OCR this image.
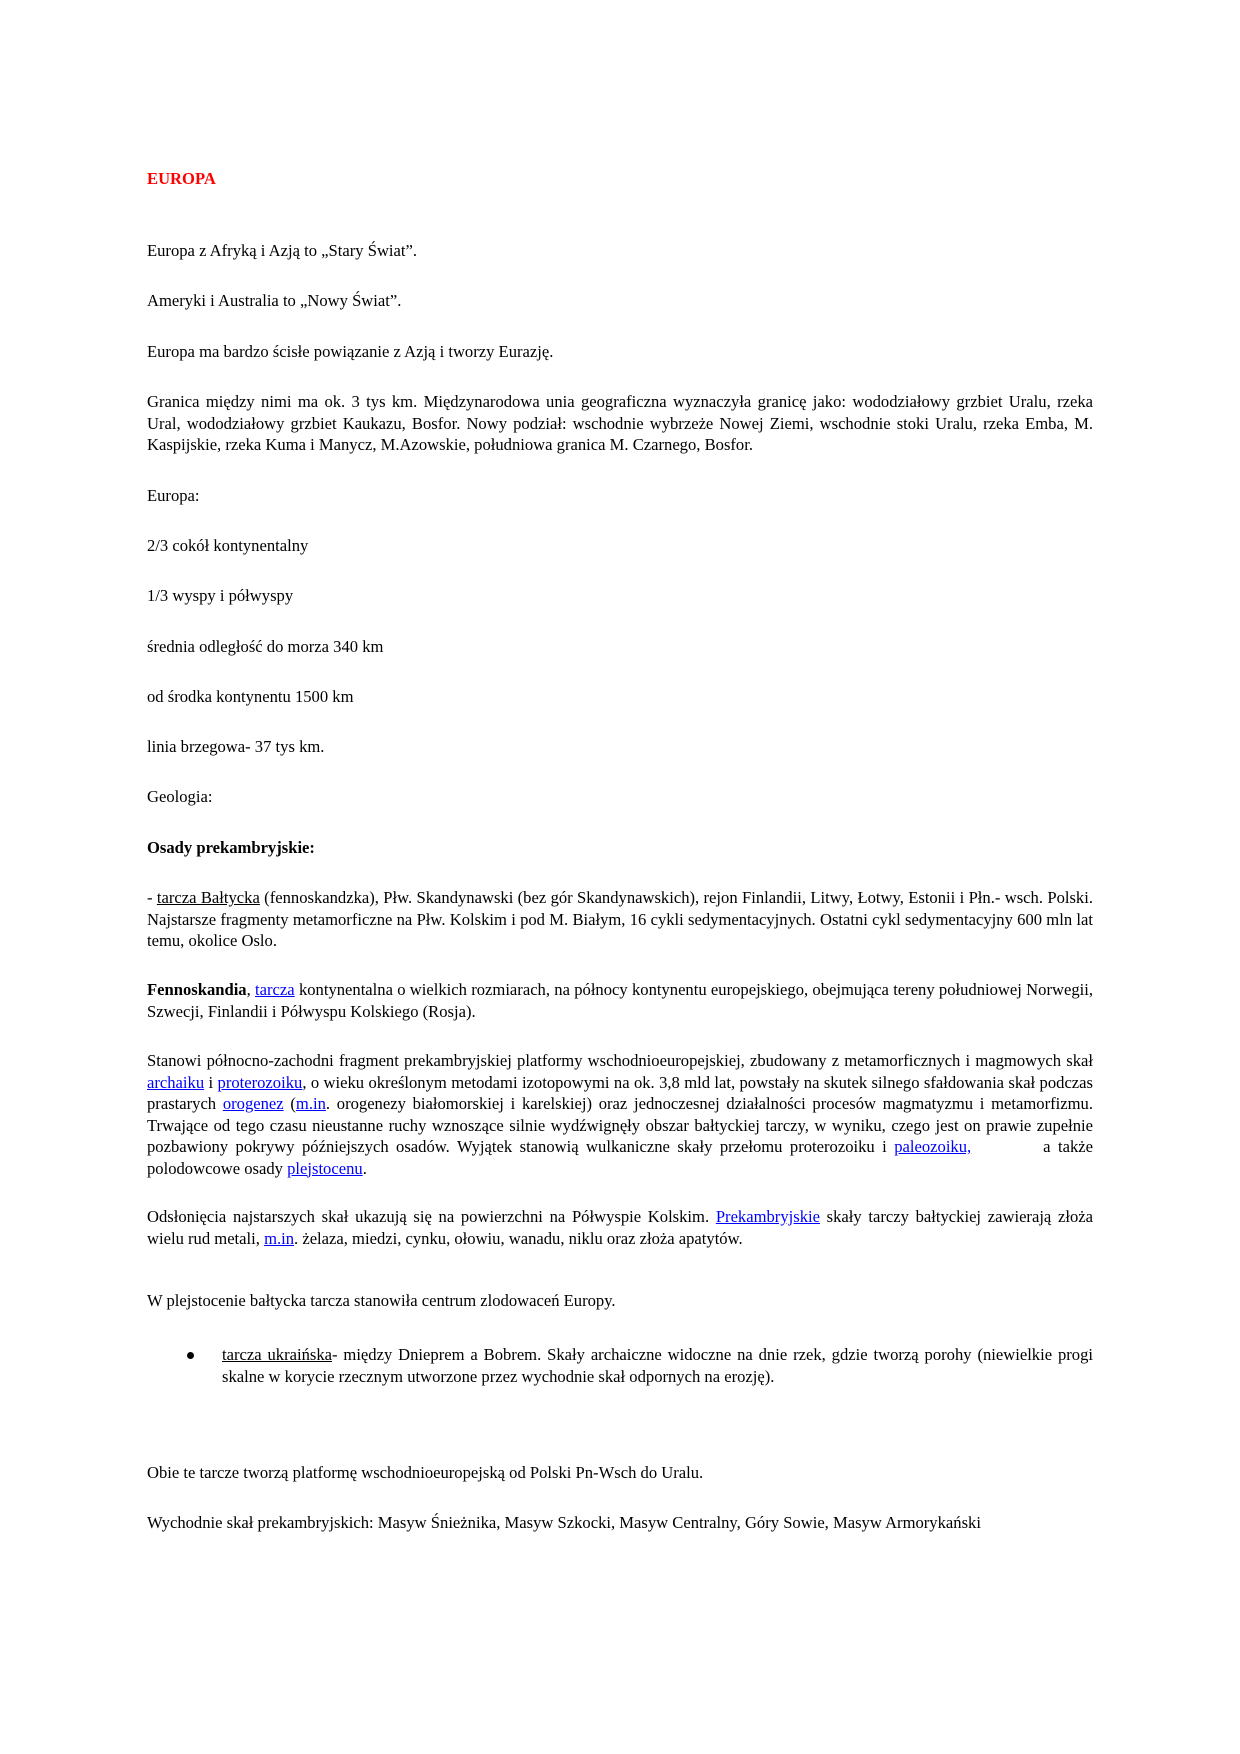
EUROPA

Europa z Afryką i Azją to „Stary Świat”.

Ameryki i Australia to „Nowy Świat”.

Europa ma bardzo ścisłe powiązanie z Azją i tworzy Eurazję.

Granica między nimi ma ok. 3 tys km. Międzynarodowa unia geograficzna wyznaczyła granicę jako: wododziałowy grzbiet Uralu, rzeka Ural, wododziałowy grzbiet Kaukazu, Bosfor. Nowy podział: wschodnie wybrzeże Nowej Ziemi, wschodnie stoki Uralu, rzeka Emba, M. Kaspijskie, rzeka Kuma i Manycz, M.Azowskie, południowa granica M. Czarnego, Bosfor.

Europa:

2/3 cokół kontynentalny

1/3 wyspy i półwyspy

średnia odległość do morza 340 km

od środka kontynentu 1500 km

linia brzegowa- 37 tys km.

Geologia:

Osady prekambryjskie:

- tarcza Bałtycka (fennoskandzka), Płw. Skandynawski (bez gór Skandynawskich), rejon Finlandii, Litwy, Łotwy, Estonii i Płn.- wsch. Polski. Najstarsze fragmenty metamorficzne na Płw. Kolskim i pod M. Białym, 16 cykli sedymentacyjnych. Ostatni cykl sedymentacyjny 600 mln lat temu, okolice Oslo.

Fennoskandia, tarcza kontynentalna o wielkich rozmiarach, na północy kontynentu europejskiego, obejmująca tereny południowej Norwegii, Szwecji, Finlandii i Półwyspu Kolskiego (Rosja).

Stanowi północno-zachodni fragment prekambryjskiej platformy wschodnioeuropejskiej, zbudowany z metamorficznych i magmowych skał archaiku i proterozoiku, o wieku określonym metodami izotopowymi na ok. 3,8 mld lat, powstały na skutek silnego sfałdowania skał podczas prastarych orogenez (m.in. orogenezy białomorskiej i karelskiej) oraz jednoczesnej działalności procesów magmatyzmu i metamorfizmu. Trwające od tego czasu nieustanne ruchy wznoszące silnie wydźwignęły obszar bałtyckiej tarczy, w wyniku, czego jest on prawie zupełnie pozbawiony pokrywy późniejszych osadów. Wyjątek stanowią wulkaniczne skały przełomu proterozoiku i paleozoiku,	a także polodowcowe osady plejstocenu.

Odsłonięcia najstarszych skał ukazują się na powierzchni na Półwyspie Kolskim. Prekambryjskie skały tarczy bałtyckiej zawierają złoża wielu rud metali, m.in. żelaza, miedzi, cynku, ołowiu, wanadu, niklu oraz złoża apatytów.

W plejstocenie bałtycka tarcza stanowiła centrum zlodowaceń Europy.

tarcza ukraińska- między Dnieprem a Bobrem. Skały archaiczne widoczne na dnie rzek, gdzie tworzą porohy (niewielkie progi skalne w korycie rzecznym utworzone przez wychodnie skał odpornych na erozję).

Obie te tarcze tworzą platformę wschodnioeuropejską od Polski Pn-Wsch do Uralu.

Wychodnie skał prekambryjskich: Masyw Śnieżnika, Masyw Szkocki, Masyw Centralny, Góry Sowie, Masyw Armorykański
